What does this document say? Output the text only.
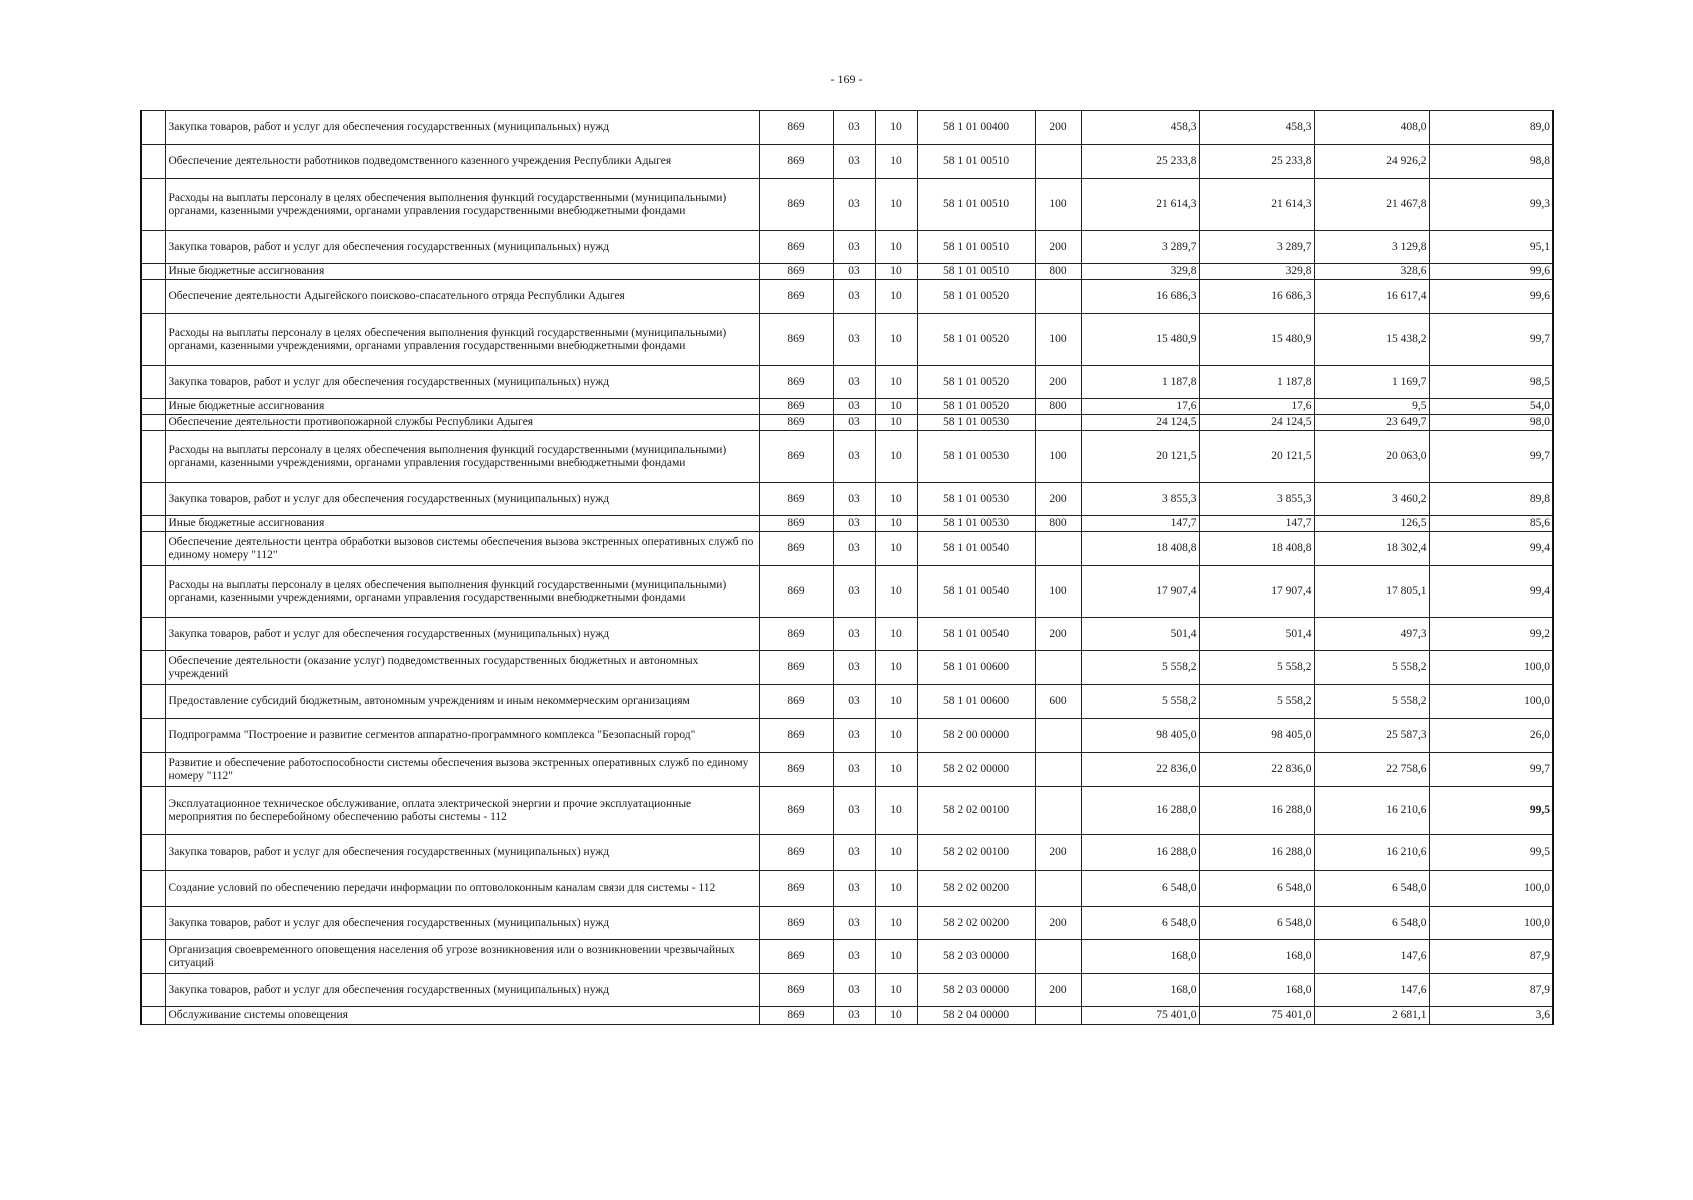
- 169 -
	Закупка товаров, работ и услуг для обеспечения государственных (муниципальных) нужд	869	03	10	58 1 01 00400	200	458,3	458,3	408,0	89,0
	Обеспечение деятельности работников подведомственного казенного учреждения Республики Адыгея	869	03	10	58 1 01 00510		25 233,8	25 233,8	24 926,2	98,8
	Расходы на выплаты персоналу в целях обеспечения выполнения функций государственными (муниципальными) органами, казенными учреждениями, органами управления государственными внебюджетными фондами	869	03	10	58 1 01 00510	100	21 614,3	21 614,3	21 467,8	99,3
	Закупка товаров, работ и услуг для обеспечения государственных (муниципальных) нужд	869	03	10	58 1 01 00510	200	3 289,7	3 289,7	3 129,8	95,1
	Иные бюджетные ассигнования	869	03	10	58 1 01 00510	800	329,8	329,8	328,6	99,6
	Обеспечение деятельности Адыгейского поисково-спасательного отряда Республики Адыгея	869	03	10	58 1 01 00520		16 686,3	16 686,3	16 617,4	99,6
	Расходы на выплаты персоналу в целях обеспечения выполнения функций государственными (муниципальными) органами, казенными учреждениями, органами управления государственными внебюджетными фондами	869	03	10	58 1 01 00520	100	15 480,9	15 480,9	15 438,2	99,7
	Закупка товаров, работ и услуг для обеспечения государственных (муниципальных) нужд	869	03	10	58 1 01 00520	200	1 187,8	1 187,8	1 169,7	98,5
	Иные бюджетные ассигнования	869	03	10	58 1 01 00520	800	17,6	17,6	9,5	54,0
	Обеспечение деятельности противопожарной службы Республики Адыгея	869	03	10	58 1 01 00530		24 124,5	24 124,5	23 649,7	98,0
	Расходы на выплаты персоналу в целях обеспечения выполнения функций государственными (муниципальными) органами, казенными учреждениями, органами управления государственными внебюджетными фондами	869	03	10	58 1 01 00530	100	20 121,5	20 121,5	20 063,0	99,7
	Закупка товаров, работ и услуг для обеспечения государственных (муниципальных) нужд	869	03	10	58 1 01 00530	200	3 855,3	3 855,3	3 460,2	89,8
	Иные бюджетные ассигнования	869	03	10	58 1 01 00530	800	147,7	147,7	126,5	85,6
	Обеспечение деятельности центра обработки вызовов системы обеспечения вызова экстренных оперативных служб по единому номеру "112"	869	03	10	58 1 01 00540		18 408,8	18 408,8	18 302,4	99,4
	Расходы на выплаты персоналу в целях обеспечения выполнения функций государственными (муниципальными) органами, казенными учреждениями, органами управления государственными внебюджетными фондами	869	03	10	58 1 01 00540	100	17 907,4	17 907,4	17 805,1	99,4
	Закупка товаров, работ и услуг для обеспечения государственных (муниципальных) нужд	869	03	10	58 1 01 00540	200	501,4	501,4	497,3	99,2
	Обеспечение деятельности (оказание услуг) подведомственных государственных бюджетных и автономных учреждений	869	03	10	58 1 01 00600		5 558,2	5 558,2	5 558,2	100,0
	Предоставление субсидий бюджетным, автономным учреждениям и иным некоммерческим организациям	869	03	10	58 1 01 00600	600	5 558,2	5 558,2	5 558,2	100,0
	Подпрограмма "Построение и развитие сегментов аппаратно-программного комплекса "Безопасный город"	869	03	10	58 2 00 00000		98 405,0	98 405,0	25 587,3	26,0
	Развитие и обеспечение работоспособности системы обеспечения вызова экстренных оперативных служб по единому номеру "112"	869	03	10	58 2 02 00000		22 836,0	22 836,0	22 758,6	99,7
	Эксплуатационное техническое обслуживание, оплата электрической энергии и прочие эксплуатационные мероприятия по бесперебойному обеспечению работы системы - 112	869	03	10	58 2 02 00100		16 288,0	16 288,0	16 210,6	99,5
	Закупка товаров, работ и услуг для обеспечения государственных (муниципальных) нужд	869	03	10	58 2 02 00100	200	16 288,0	16 288,0	16 210,6	99,5
	Создание условий по обеспечению передачи информации по оптоволоконным каналам связи для системы - 112	869	03	10	58 2 02 00200		6 548,0	6 548,0	6 548,0	100,0
	Закупка товаров, работ и услуг для обеспечения государственных (муниципальных) нужд	869	03	10	58 2 02 00200	200	6 548,0	6 548,0	6 548,0	100,0
	Организация своевременного оповещения населения об угрозе возникновения или о возникновении чрезвычайных ситуаций	869	03	10	58 2 03 00000		168,0	168,0	147,6	87,9
	Закупка товаров, работ и услуг для обеспечения государственных (муниципальных) нужд	869	03	10	58 2 03 00000	200	168,0	168,0	147,6	87,9
	Обслуживание системы оповещения	869	03	10	58 2 04 00000		75 401,0	75 401,0	2 681,1	3,6
